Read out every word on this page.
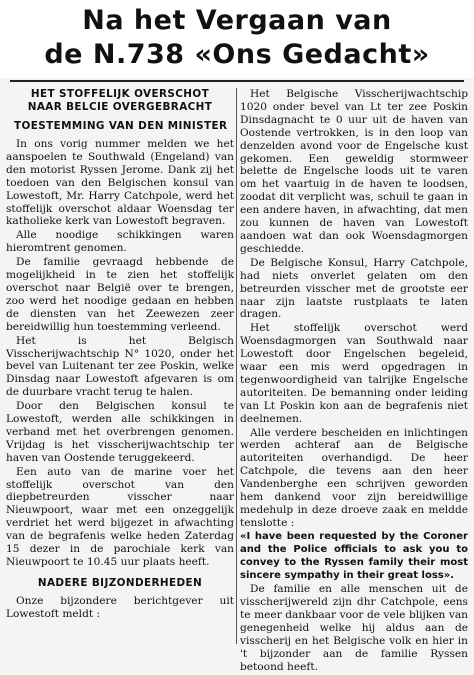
Na het Vergaan van
de N.738 «Ons Gedacht»
HET STOFFELIJK OVERSCHOT
NAAR BELCIE OVERGEBRACHT
TOESTEMMING VAN DEN MINISTER

In ons vorig nummer melden we het aanspoelen te Southwald (Engeland) van den motorist Ryssen Jerome. Dank zij het toedoen van den Belgischen konsul van Lowestoft, Mr. Harry Catchpole, werd het stoffelijk overschot aldaar Woensdag ter katholieke kerk van Lowestoft begraven.

Alle noodige schikkingen waren hieromtrent genomen.

De familie gevraagd hebbende de mogelijkheid in te zien het stoffelijk overschot naar België over te brengen, zoo werd het noodige gedaan en hebben de diensten van het Zeewezen zeer bereidwillig hun toestemming verleend.

Het is het Belgisch Visscherijwachtschip N° 1020, onder het bevel van Luitenant ter zee Poskin, welke Dinsdag naar Lowestoft afgevaren is om de duurbare vracht terug te halen.

Door den Belgischen konsul te Lowestoft, werden alle schikkingen in verband met het overbrengen genomen. Vrijdag is het visscherijwachtschip ter haven van Oostende teruggekeerd.

Een auto van de marine voer het stoffelijk overschot van den diepbetreurden visscher naar Nieuwpoort, waar met een onzeggelijk verdriet het werd bijgezet in afwachting van de begrafenis welke heden Zaterdag 15 dezer in de parochiale kerk van Nieuwpoort te 10.45 uur plaats heeft.

NADERE BIJZONDERHEDEN

Onze bijzondere berichtgever uit Lowestoft meldt :

Het Belgische Visscherijwachtschip 1020 onder bevel van Lt ter zee Poskin Dinsdagnacht te 0 uur uit de haven van Oostende vertrokken, is in den loop van denzelden avond voor de Engelsche kust gekomen. Een geweldig stormweer belette de Engelsche loods uit te varen om het vaartuig in de haven te loodsen, zoodat dit verplicht was, schuil te gaan in een andere haven, in afwachting, dat men zou kunnen de haven van Lowestoft aandoen wat dan ook Woensdagmorgen geschiedde.

De Belgische Konsul, Harry Catchpole, had niets onverlet gelaten om den betreurden visscher met de grootste eer naar zijn laatste rustplaats te laten dragen.

Het stoffelijk overschot werd Woensdagmorgen van Southwald naar Lowestoft door Engelschen begeleid, waar een mis werd opgedragen in tegenwoordigheid van talrijke Engelsche autoriteiten. De bemanning onder leiding van Lt Poskin kon aan de begrafenis niet deelnemen.

Alle verdere bescheiden en inlichtingen werden achteraf aan de Belgische autoriteiten overhandigd. De heer Catchpole, die tevens aan den heer Vandenberghe een schrijven geworden hem dankend voor zijn bereidwillige medehulp in deze droeve zaak en meldde tenslotte :

«I have been requested by the Coroner and the Police officials to ask you to convey to the Ryssen family their most sincere sympathy in their great loss».

De familie en alle menschen uit de visscherijwereld zijn dhr Catchpole, eens te meer dankbaar voor de vele blijken van genegenheid welke hij aldus aan de visscherij en het Belgische volk en hier in 't bijzonder aan de familie Ryssen betoond heeft.
